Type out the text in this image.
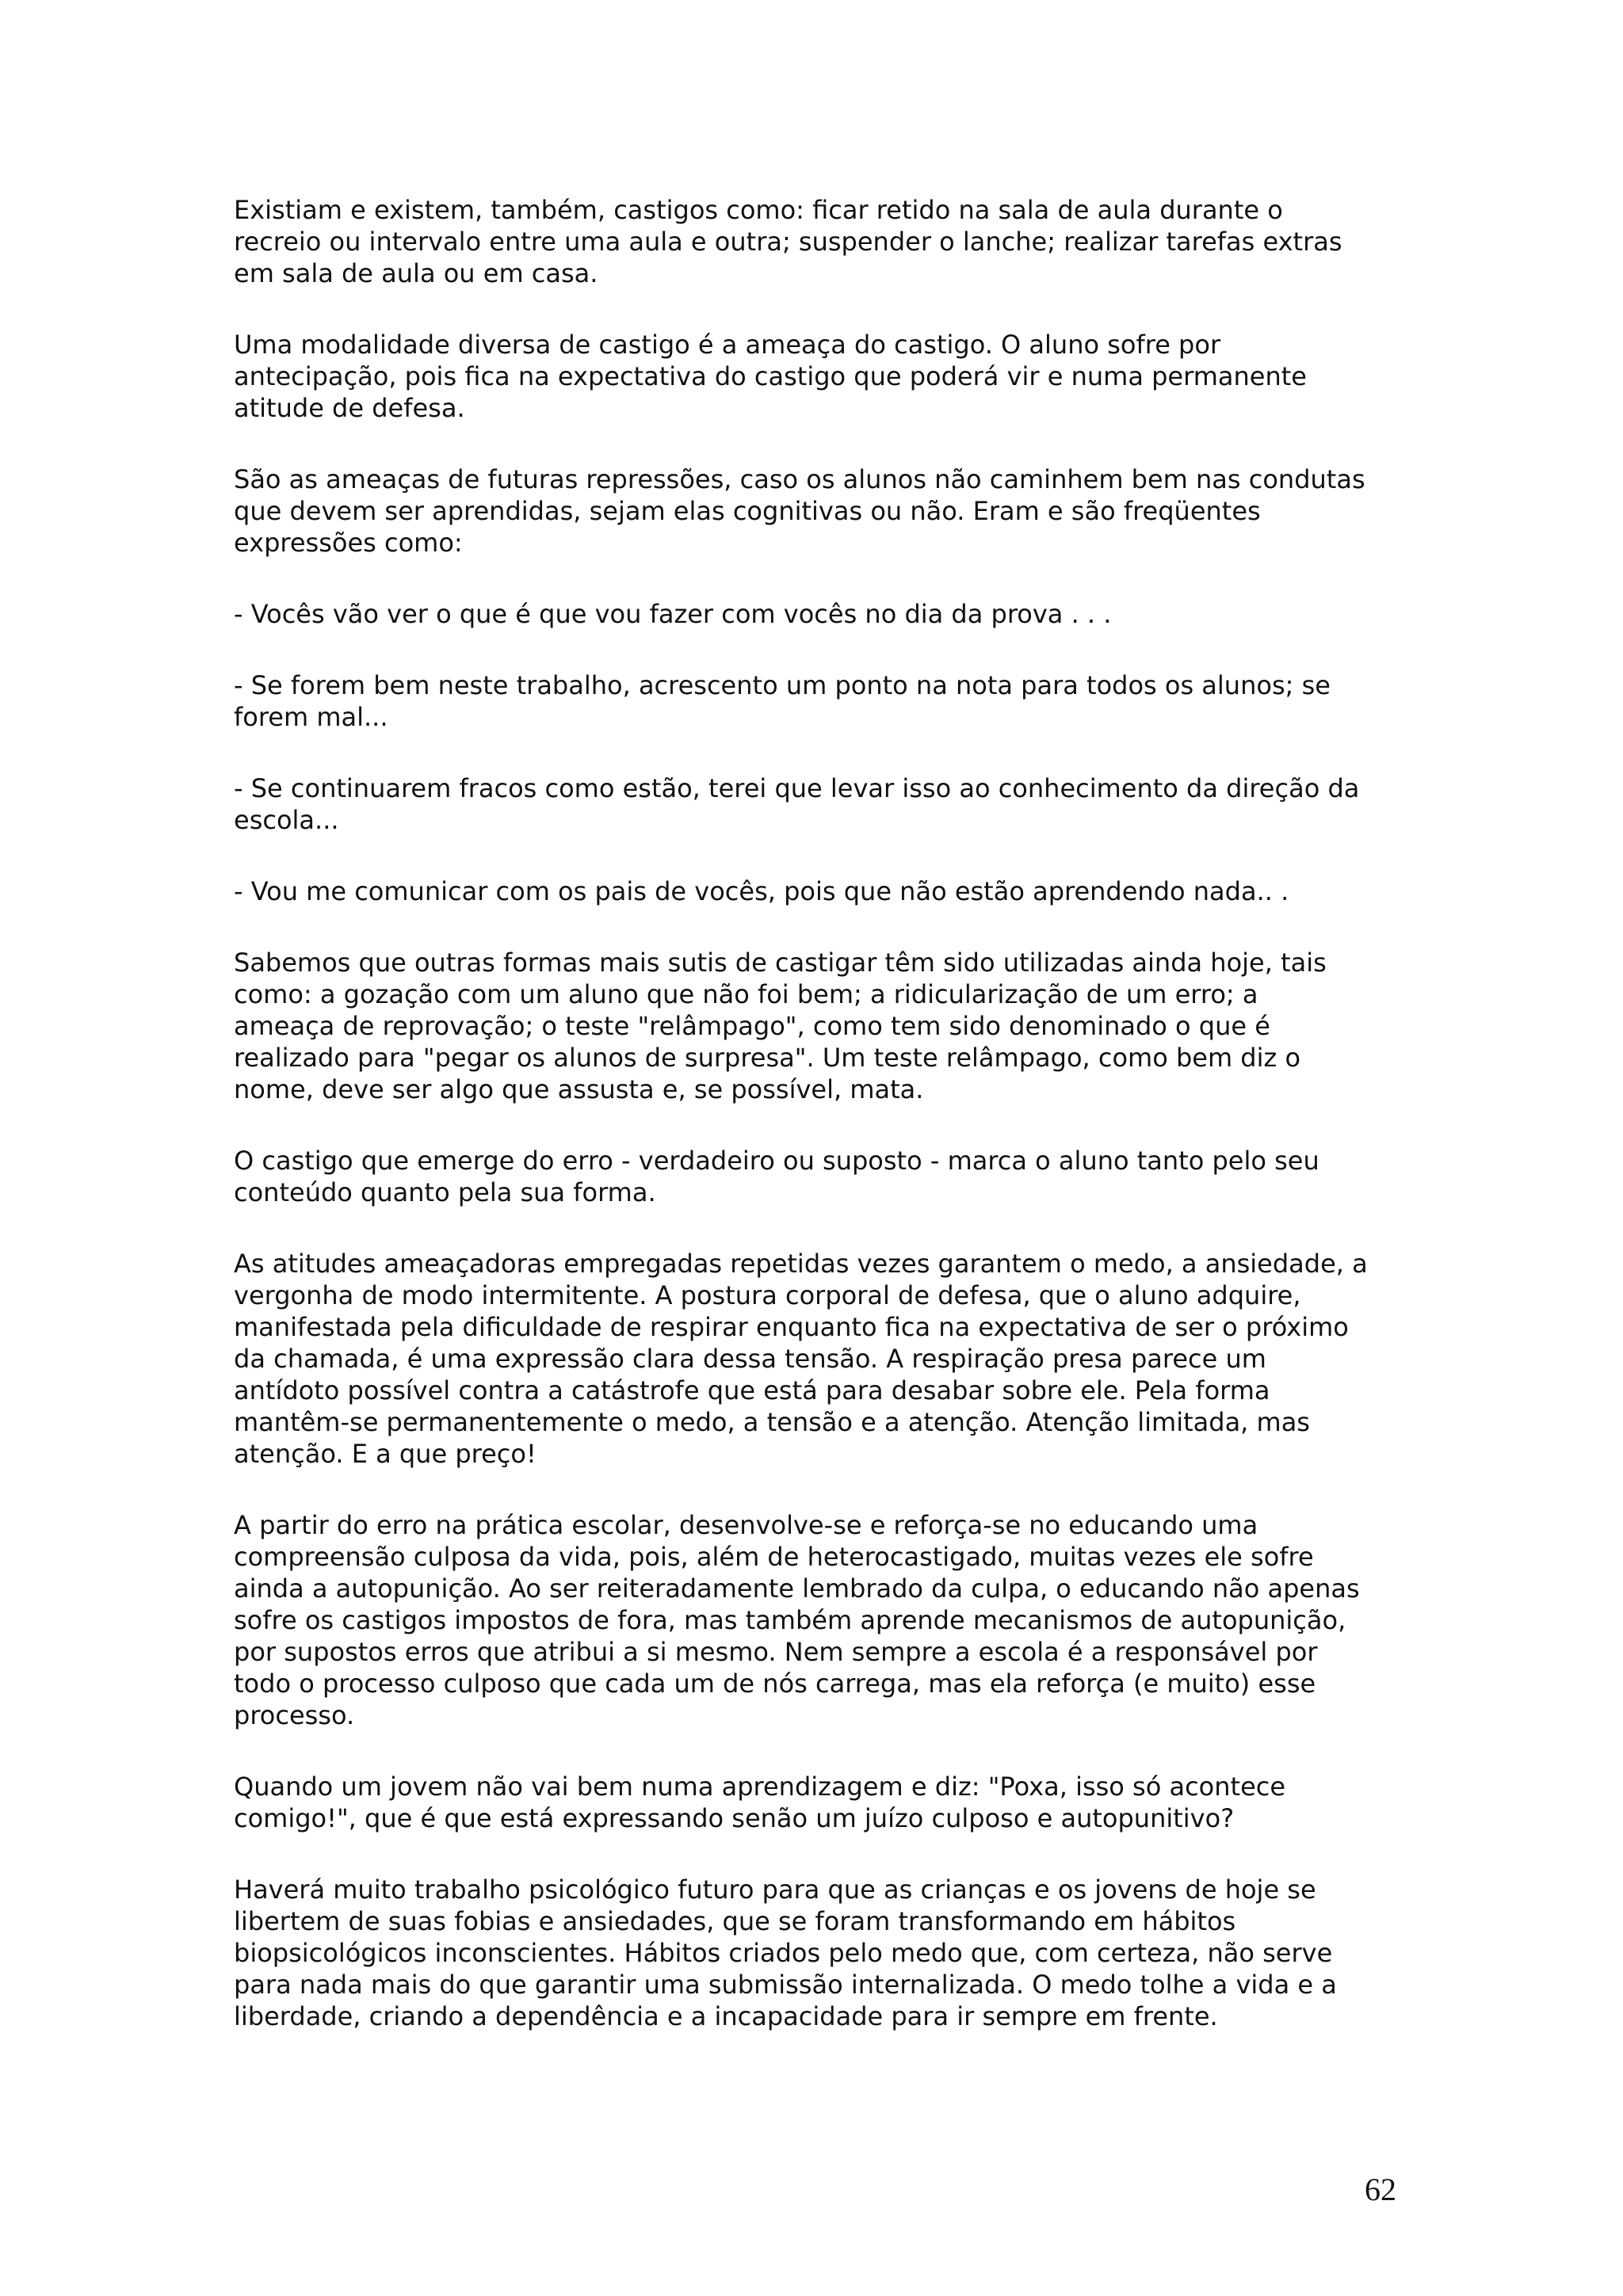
Existiam e existem, também, castigos como: ficar retido na sala de aula durante o
recreio ou intervalo entre uma aula e outra; suspender o lanche; realizar tarefas extras
em sala de aula ou em casa.

Uma modalidade diversa de castigo é a ameaça do castigo. O aluno sofre por
antecipação, pois fica na expectativa do castigo que poderá vir e numa permanente
atitude de defesa.

São as ameaças de futuras repressões, caso os alunos não caminhem bem nas condutas
que devem ser aprendidas, sejam elas cognitivas ou não. Eram e são freqüentes
expressões como:

- Vocês vão ver o que é que vou fazer com vocês no dia da prova . . .

- Se forem bem neste trabalho, acrescento um ponto na nota para todos os alunos; se
forem mal...

- Se continuarem fracos como estão, terei que levar isso ao conhecimento da direção da
escola...

- Vou me comunicar com os pais de vocês, pois que não estão aprendendo nada.. .

Sabemos que outras formas mais sutis de castigar têm sido utilizadas ainda hoje, tais
como: a gozação com um aluno que não foi bem; a ridicularização de um erro; a
ameaça de reprovação; o teste "relâmpago", como tem sido denominado o que é
realizado para "pegar os alunos de surpresa". Um teste relâmpago, como bem diz o
nome, deve ser algo que assusta e, se possível, mata.

O castigo que emerge do erro - verdadeiro ou suposto - marca o aluno tanto pelo seu
conteúdo quanto pela sua forma.

As atitudes ameaçadoras empregadas repetidas vezes garantem o medo, a ansiedade, a
vergonha de modo intermitente. A postura corporal de defesa, que o aluno adquire,
manifestada pela dificuldade de respirar enquanto fica na expectativa de ser o próximo
da chamada, é uma expressão clara dessa tensão. A respiração presa parece um
antídoto possível contra a catástrofe que está para desabar sobre ele. Pela forma
mantêm-se permanentemente o medo, a tensão e a atenção. Atenção limitada, mas
atenção. E a que preço!

A partir do erro na prática escolar, desenvolve-se e reforça-se no educando uma
compreensão culposa da vida, pois, além de heterocastigado, muitas vezes ele sofre
ainda a autopunição. Ao ser reiteradamente lembrado da culpa, o educando não apenas
sofre os castigos impostos de fora, mas também aprende mecanismos de autopunição,
por supostos erros que atribui a si mesmo. Nem sempre a escola é a responsável por
todo o processo culposo que cada um de nós carrega, mas ela reforça (e muito) esse
processo.

Quando um jovem não vai bem numa aprendizagem e diz: "Poxa, isso só acontece
comigo!", que é que está expressando senão um juízo culposo e autopunitivo?

Haverá muito trabalho psicológico futuro para que as crianças e os jovens de hoje se
libertem de suas fobias e ansiedades, que se foram transformando em hábitos
biopsicológicos inconscientes. Hábitos criados pelo medo que, com certeza, não serve
para nada mais do que garantir uma submissão internalizada. O medo tolhe a vida e a
liberdade, criando a dependência e a incapacidade para ir sempre em frente.

62
